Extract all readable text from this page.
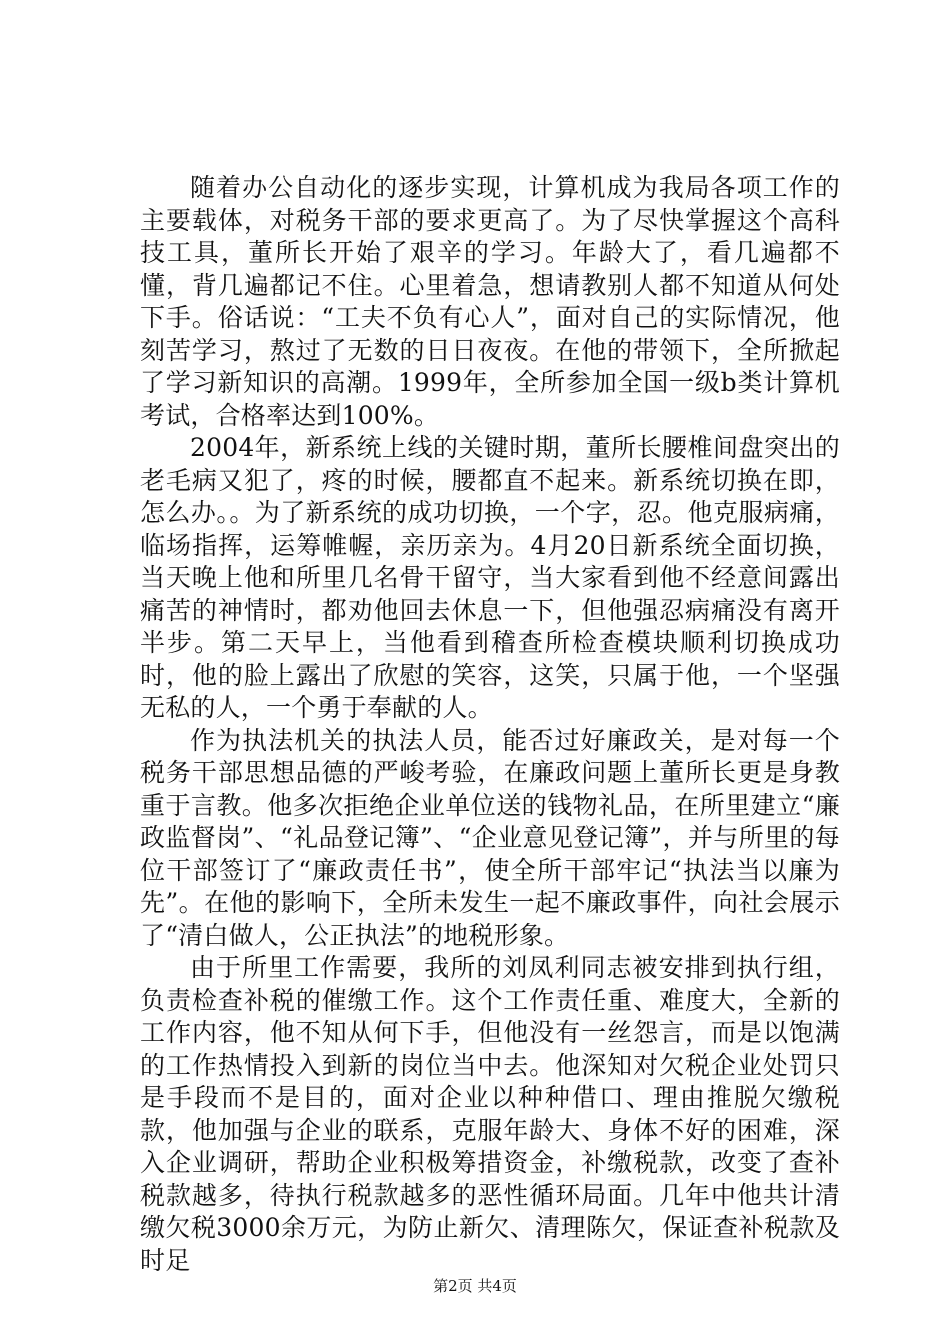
随着办公自动化的逐步实现，计算机成为我局各项工作的主要载体，对税务干部的要求更高了。为了尽快掌握这个高科技工具，董所长开始了艰辛的学习。年龄大了，看几遍都不懂，背几遍都记不住。心里着急，想请教别人都不知道从何处下手。俗话说：“工夫不负有心人”，面对自己的实际情况，他刻苦学习，熬过了无数的日日夜夜。在他的带领下，全所掀起了学习新知识的高潮。1999年，全所参加全国一级b类计算机考试，合格率达到100%。

2004年，新系统上线的关键时期，董所长腰椎间盘突出的老毛病又犯了，疼的时候，腰都直不起来。新系统切换在即，怎么办。。为了新系统的成功切换，一个字，忍。他克服病痛，临场指挥，运筹帷幄，亲历亲为。4月20日新系统全面切换，当天晚上他和所里几名骨干留守，当大家看到他不经意间露出痛苦的神情时，都劝他回去休息一下，但他强忍病痛没有离开半步。第二天早上，当他看到稽查所检查模块顺利切换成功时，他的脸上露出了欣慰的笑容，这笑，只属于他，一个坚强无私的人，一个勇于奉献的人。

作为执法机关的执法人员，能否过好廉政关，是对每一个税务干部思想品德的严峻考验，在廉政问题上董所长更是身教重于言教。他多次拒绝企业单位送的钱物礼品，在所里建立“廉政监督岗”、“礼品登记簿”、“企业意见登记簿”，并与所里的每位干部签订了“廉政责任书”，使全所干部牢记“执法当以廉为先”。在他的影响下，全所未发生一起不廉政事件，向社会展示了“清白做人，公正执法”的地税形象。

由于所里工作需要，我所的刘凤利同志被安排到执行组，负责检查补税的催缴工作。这个工作责任重、难度大，全新的工作内容，他不知从何下手，但他没有一丝怨言，而是以饱满的工作热情投入到新的岗位当中去。他深知对欠税企业处罚只是手段而不是目的，面对企业以种种借口、理由推脱欠缴税款，他加强与企业的联系，克服年龄大、身体不好的困难，深入企业调研，帮助企业积极筹措资金，补缴税款，改变了查补税款越多，待执行税款越多的恶性循环局面。几年中他共计清缴欠税3000余万元，为防止新欠、清理陈欠，保证查补税款及时足

第2页 共4页
